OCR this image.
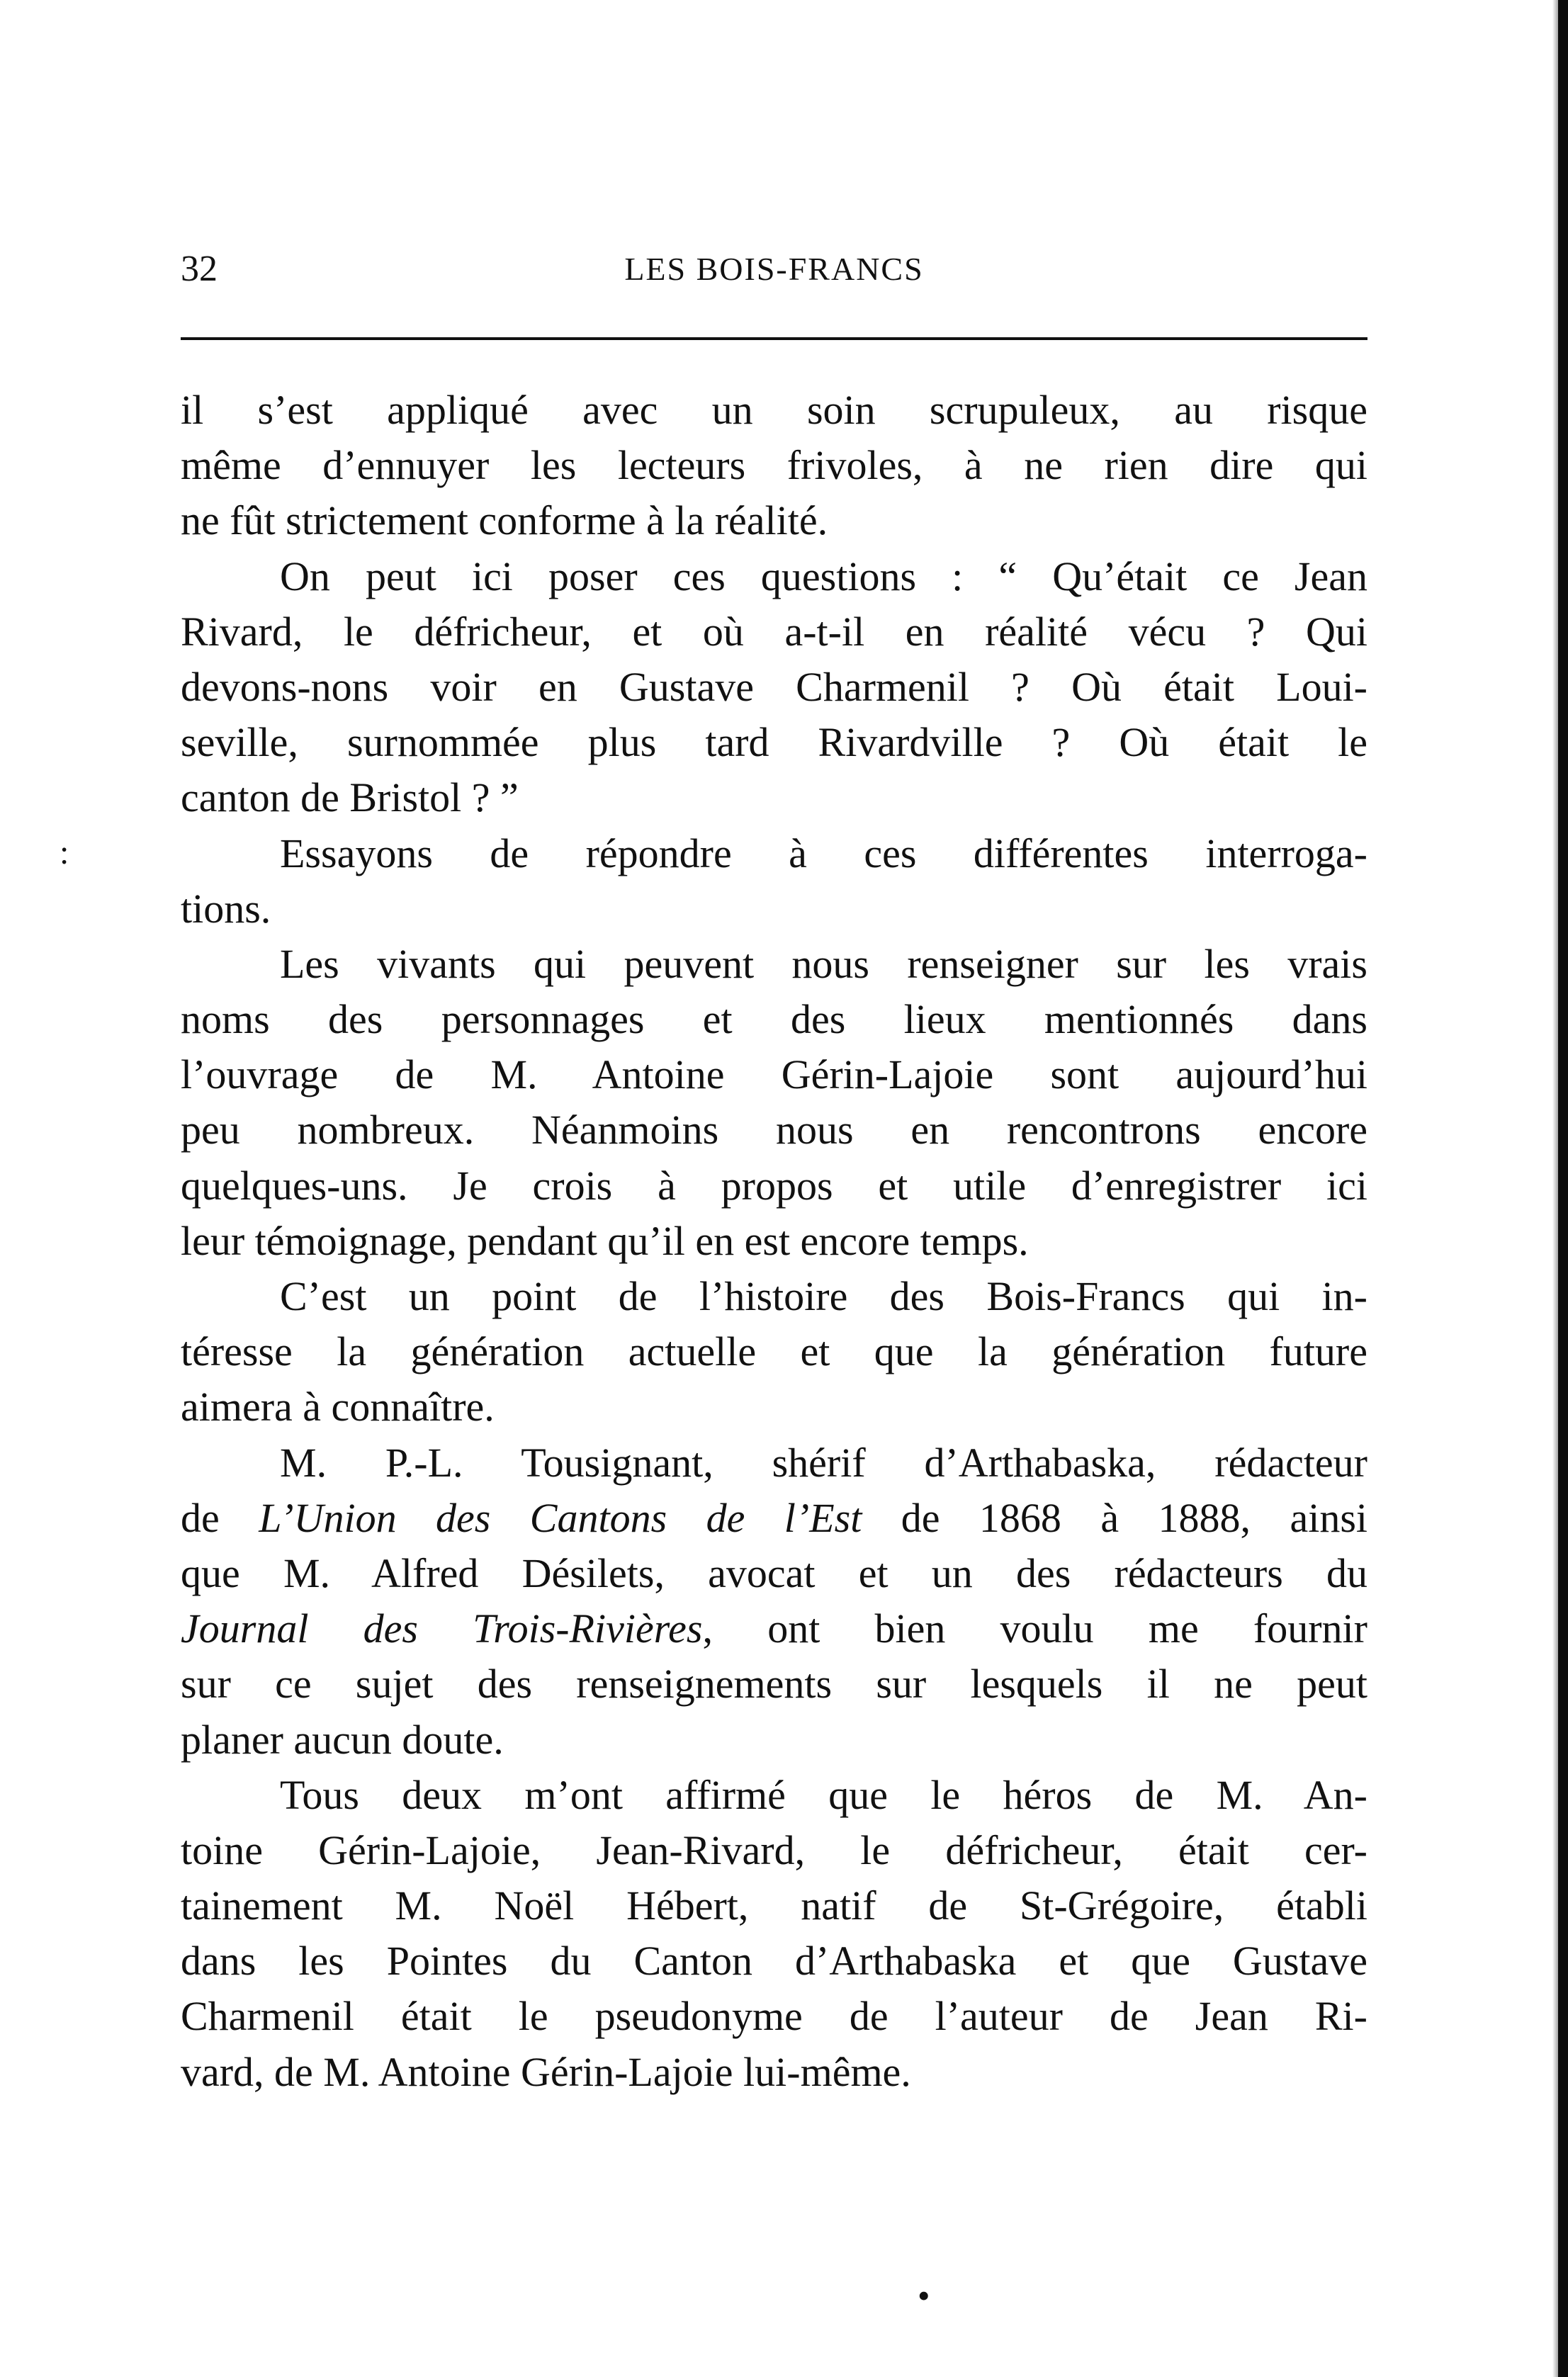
32	LES BOIS-FRANCS
:
il s’est appliqué avec un soin scrupuleux, au risque
même d’ennuyer les lecteurs frivoles, à ne rien dire qui
ne fût strictement conforme à la réalité.
On peut ici poser ces questions : “ Qu’était ce Jean
Rivard, le défricheur, et où a-t-il en réalité vécu ? Qui
devons-nons voir en Gustave Charmenil ? Où était Loui-
seville, surnommée plus tard Rivardville ? Où était le
canton de Bristol ? ”
Essayons de répondre à ces différentes interroga-
tions.
Les vivants qui peuvent nous renseigner sur les vrais
noms des personnages et des lieux mentionnés dans
l’ouvrage de M. Antoine Gérin-Lajoie sont aujourd’hui
peu nombreux. Néanmoins nous en rencontrons encore
quelques-uns. Je crois à propos et utile d’enregistrer ici
leur témoignage, pendant qu’il en est encore temps.
C’est un point de l’histoire des Bois-Francs qui in-
téresse la génération actuelle et que la génération future
aimera à connaître.
M. P.-L. Tousignant, shérif d’Arthabaska, rédacteur
de L’Union des Cantons de l’Est de 1868 à 1888, ainsi
que M. Alfred Désilets, avocat et un des rédacteurs du
Journal des Trois-Rivières, ont bien voulu me fournir
sur ce sujet des renseignements sur lesquels il ne peut
planer aucun doute.
Tous deux m’ont affirmé que le héros de M. An-
toine Gérin-Lajoie, Jean-Rivard, le défricheur, était cer-
tainement M. Noël Hébert, natif de St-Grégoire, établi
dans les Pointes du Canton d’Arthabaska et que Gustave
Charmenil était le pseudonyme de l’auteur de Jean Ri-
vard, de M. Antoine Gérin-Lajoie lui-même.
•
